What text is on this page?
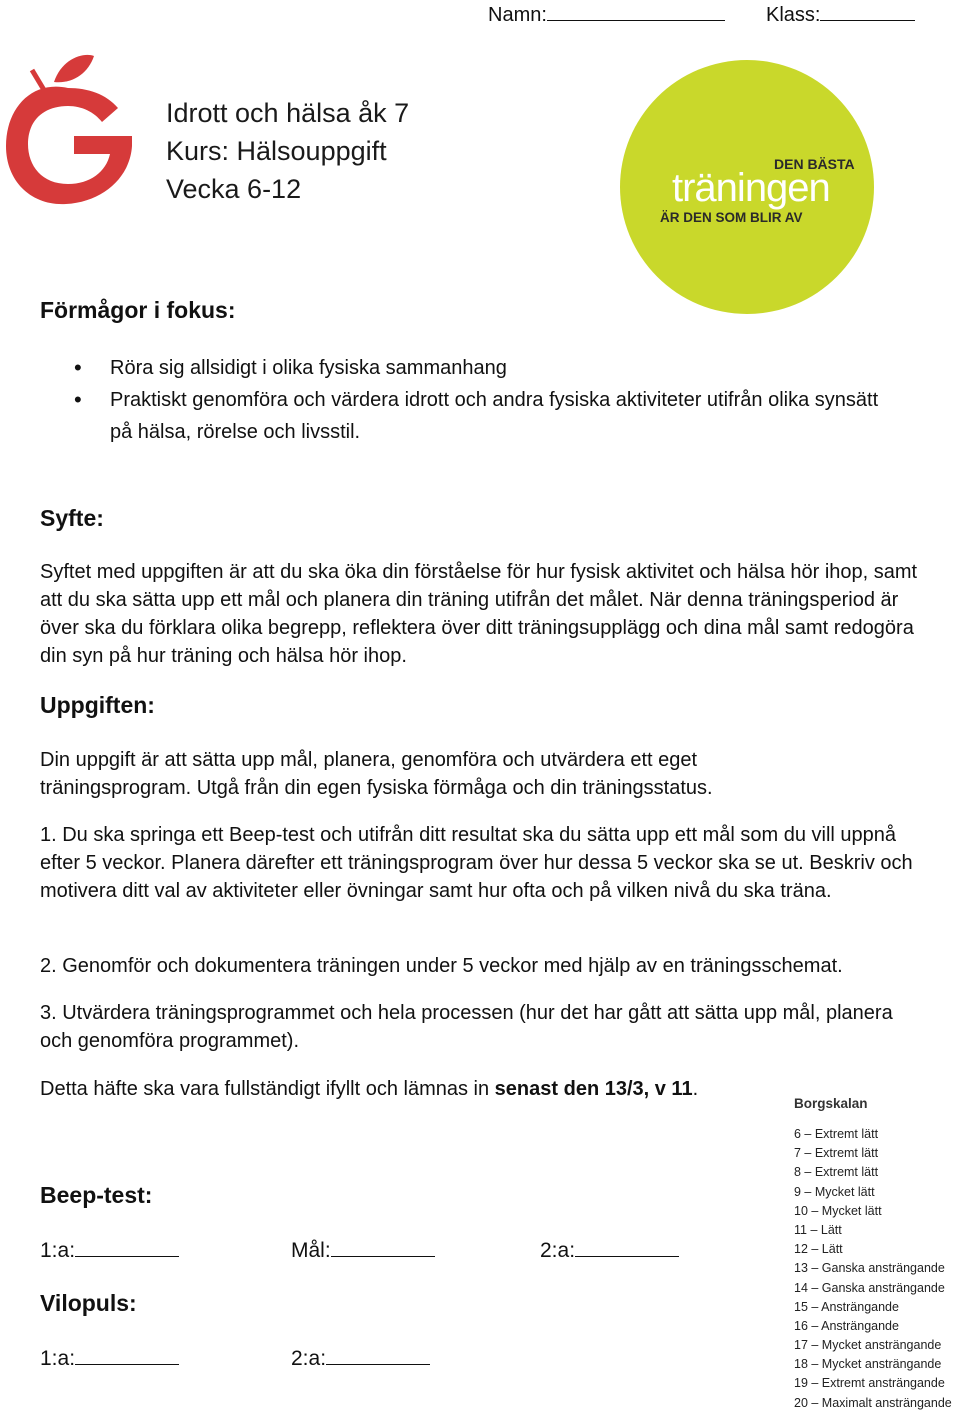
Namn:	Klass:
Idrott och hälsa åk 7
Kurs: Hälsouppgift
Vecka 6-12
DEN BÄSTA
träningen
ÄR DEN SOM BLIR AV
Förmågor i fokus:
• Röra sig allsidigt i olika fysiska sammanhang
• Praktiskt genomföra och värdera idrott och andra fysiska aktiviteter utifrån olika synsätt på hälsa, rörelse och livsstil.
Syfte:

Syftet med uppgiften är att du ska öka din förståelse för hur fysisk aktivitet och hälsa hör ihop, samt att du ska sätta upp ett mål och planera din träning utifrån det målet. När denna träningsperiod är över ska du förklara olika begrepp, reflektera över ditt träningsupplägg och dina mål samt redogöra din syn på hur träning och hälsa hör ihop.

Uppgiften:

Din uppgift är att sätta upp mål, planera, genomföra och utvärdera ett eget träningsprogram. Utgå från din egen fysiska förmåga och din träningsstatus.

1. Du ska springa ett Beep-test och utifrån ditt resultat ska du sätta upp ett mål som du vill uppnå efter 5 veckor. Planera därefter ett träningsprogram över hur dessa 5 veckor ska se ut. Beskriv och motivera ditt val av aktiviteter eller övningar samt hur ofta och på vilken nivå du ska träna.

2. Genomför och dokumentera träningen under 5 veckor med hjälp av en träningsschemat.

3. Utvärdera träningsprogrammet och hela processen (hur det har gått att sätta upp mål, planera och genomföra programmet).

Detta häfte ska vara fullständigt ifyllt och lämnas in senast den 13/3, v 11.

Beep-test:
1:a:	Mål:	2:a:
Vilopuls:
1:a:	2:a:
Borgskalan
6 – Extremt lätt
7 – Extremt lätt
8 – Extremt lätt
9 – Mycket lätt
10 – Mycket lätt
11 – Lätt
12 – Lätt
13 – Ganska ansträngande
14 – Ganska ansträngande
15 – Ansträngande
16 – Ansträngande
17 – Mycket ansträngande
18 – Mycket ansträngande
19 – Extremt ansträngande
20 – Maximalt ansträngande
